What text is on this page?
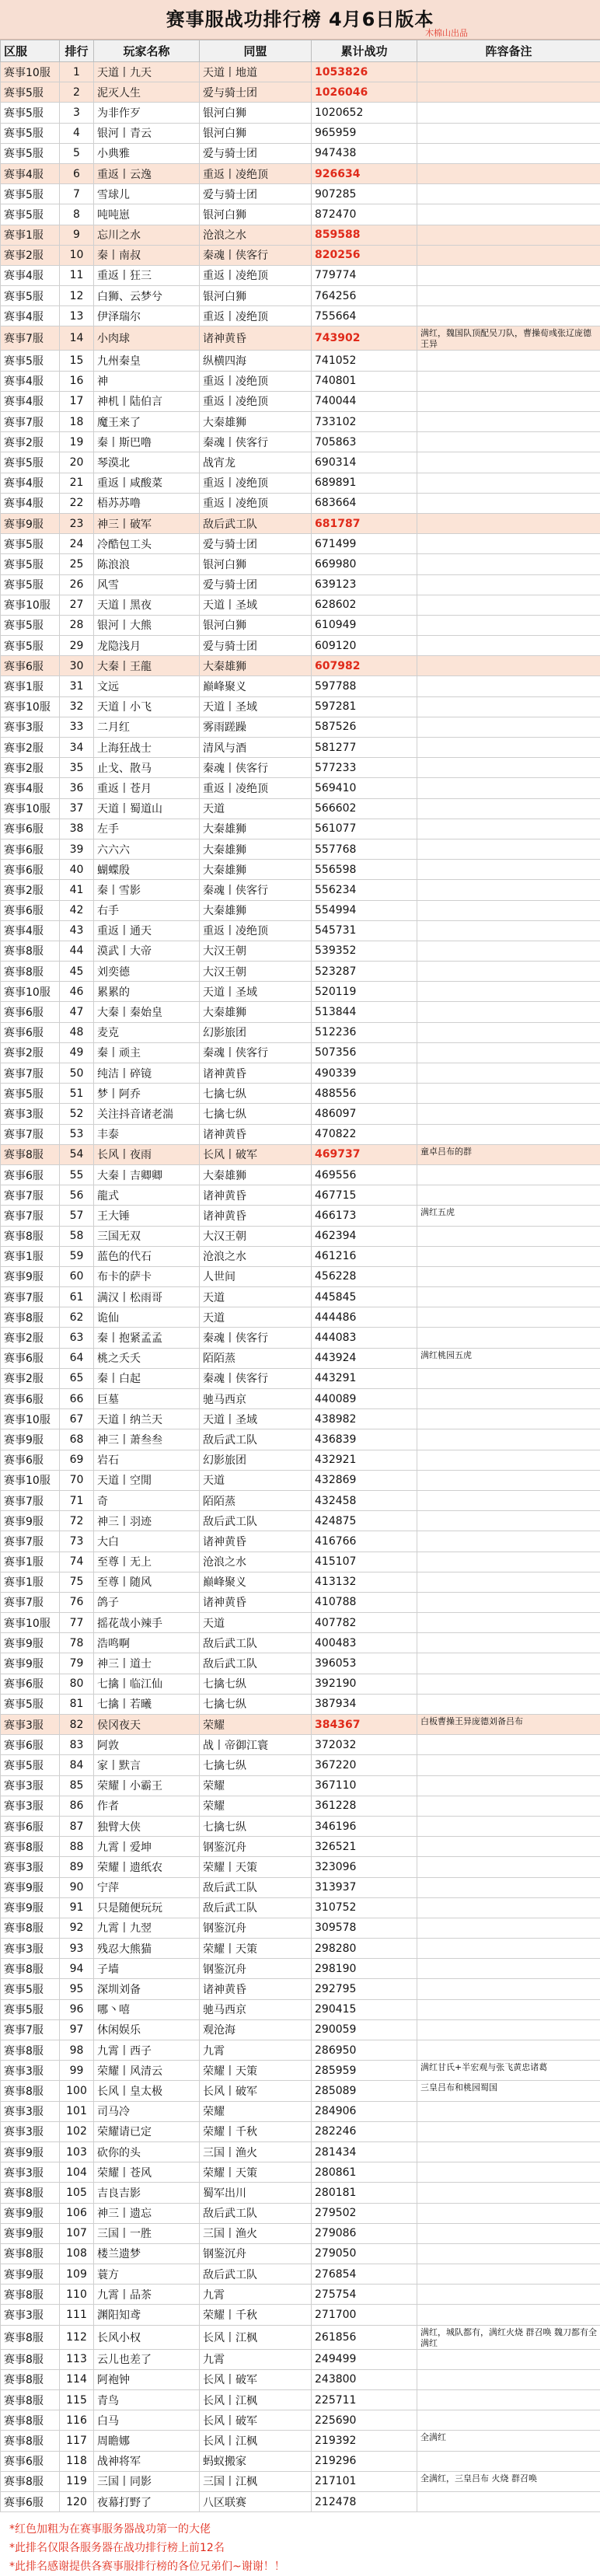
赛事服战功排行榜 4月6日版本
木棉山出品
区服	排行	玩家名称	同盟	累计战功	阵容备注
赛事10服	1	天道丨九天	天道丨地道	1053826	
赛事5服	2	泥灭人生	爱与骑士团	1026046	
赛事5服	3	为非作歹	银河白狮	1020652	
赛事5服	4	银河丨青云	银河白狮	965959	
赛事5服	5	小典雅	爱与骑士团	947438	
赛事4服	6	重返丨云逸	重返丨凌绝顶	926634	
赛事5服	7	雪球儿	爱与骑士团	907285	
赛事5服	8	吨吨崽	银河白狮	872470	
赛事1服	9	忘川之水	沧浪之水	859588	
赛事2服	10	秦丨南叔	秦魂丨侠客行	820256	
赛事4服	11	重返丨狂三	重返丨凌绝顶	779774	
赛事5服	12	白狮、云梦兮	银河白狮	764256	
赛事4服	13	伊泽瑞尔	重返丨凌绝顶	755664	
赛事7服	14	小肉球	诸神黄昏	743902	满红，魏国队顶配吴刀队，曹操荀彧张辽庞德王异
赛事5服	15	九州秦皇	纵横四海	741052	
赛事4服	16	神	重返丨凌绝顶	740801	
赛事4服	17	神机丨陆伯言	重返丨凌绝顶	740044	
赛事7服	18	魔王来了	大秦雄狮	733102	
赛事2服	19	秦丨斯巴噜	秦魂丨侠客行	705863	
赛事5服	20	琴漠北	战宵龙	690314	
赛事4服	21	重返丨咸酸菜	重返丨凌绝顶	689891	
赛事4服	22	梧苏苏噜	重返丨凌绝顶	683664	
赛事9服	23	神三丨破军	敌后武工队	681787	
赛事5服	24	冷酷包工头	爱与骑士团	671499	
赛事5服	25	陈浪浪	银河白狮	669980	
赛事5服	26	风雪	爱与骑士团	639123	
赛事10服	27	天道丨黑夜	天道丨圣域	628602	
赛事5服	28	银河丨大熊	银河白狮	610949	
赛事5服	29	龙隐浅月	爱与骑士团	609120	
赛事6服	30	大秦丨王龍	大秦雄狮	607982	
赛事1服	31	文远	巅峰聚义	597788	
赛事10服	32	天道丨小飞	天道丨圣域	597281	
赛事3服	33	二月红	雾雨蹉躁	587526	
赛事2服	34	上海狂战士	清风与酒	581277	
赛事2服	35	止戈、散马	秦魂丨侠客行	577233	
赛事4服	36	重返丨苍月	重返丨凌绝顶	569410	
赛事10服	37	天道丨蜀道山	天道	566602	
赛事6服	38	左手	大秦雄狮	561077	
赛事6服	39	六六六	大秦雄狮	557768	
赛事6服	40	蝴蝶殷	大秦雄狮	556598	
赛事2服	41	秦丨雪影	秦魂丨侠客行	556234	
赛事6服	42	右手	大秦雄狮	554994	
赛事4服	43	重返丨通天	重返丨凌绝顶	545731	
赛事8服	44	漠武丨大帝	大汉王朝	539352	
赛事8服	45	刘奕德	大汉王朝	523287	
赛事10服	46	累累的	天道丨圣域	520119	
赛事6服	47	大秦丨秦始皇	大秦雄狮	513844	
赛事6服	48	麦克	幻影旅团	512236	
赛事2服	49	秦丨顽主	秦魂丨侠客行	507356	
赛事7服	50	纯洁丨碎镜	诸神黄昏	490339	
赛事5服	51	梦丨阿乔	七擒七纵	488556	
赛事3服	52	关注抖音诸老湍	七擒七纵	486097	
赛事7服	53	丰泰	诸神黄昏	470822	
赛事8服	54	长风丨夜雨	长风丨破军	469737	童卓吕布的群
赛事6服	55	大秦丨吉卿卿	大秦雄狮	469556	
赛事7服	56	龍式	诸神黄昏	467715	
赛事7服	57	王大锤	诸神黄昏	466173	满红五虎
赛事8服	58	三国无双	大汉王朝	462394	
赛事1服	59	蓝色的代石	沧浪之水	461216	
赛事9服	60	布卡的萨卡	人世间	456228	
赛事7服	61	满汉丨松雨哥	天道	445845	
赛事8服	62	诡仙	天道	444486	
赛事2服	63	秦丨抱紧孟孟	秦魂丨侠客行	444083	
赛事6服	64	桃之夭夭	陌陌蒸	443924	满红桃园五虎
赛事2服	65	秦丨白起	秦魂丨侠客行	443291	
赛事6服	66	巨墓	驰马西京	440089	
赛事10服	67	天道丨纳兰天	天道丨圣域	438982	
赛事9服	68	神三丨萧叁叁	敌后武工队	436839	
赛事6服	69	岩石	幻影旅团	432921	
赛事10服	70	天道丨空閒	天道	432869	
赛事7服	71	奇	陌陌蒸	432458	
赛事9服	72	神三丨羽迹	敌后武工队	424875	
赛事7服	73	大白	诸神黄昏	416766	
赛事1服	74	至尊丨无上	沧浪之水	415107	
赛事1服	75	至尊丨随风	巅峰聚义	413132	
赛事7服	76	鸽子	诸神黄昏	410788	
赛事10服	77	摇花哉小辣手	天道	407782	
赛事9服	78	浩鸣啊	敌后武工队	400483	
赛事9服	79	神三丨道士	敌后武工队	396053	
赛事6服	80	七擒丨临江仙	七擒七纵	392190	
赛事5服	81	七擒丨若曦	七擒七纵	387934	
赛事3服	82	侯冈夜天	荣耀	384367	白板曹操王异庞德刘备吕布
赛事6服	83	阿敦	战丨帝御江寰	372032	
赛事5服	84	家丨默言	七擒七纵	367220	
赛事3服	85	荣耀丨小霸王	荣耀	367110	
赛事3服	86	作者	荣耀	361228	
赛事6服	87	独臂大侠	七擒七纵	346196	
赛事8服	88	九霄丨爱坤	钢鉴沉舟	326521	
赛事3服	89	荣耀丨遗纸农	荣耀丨天策	323096	
赛事9服	90	宁萍	敌后武工队	313937	
赛事9服	91	只是随便玩玩	敌后武工队	310752	
赛事8服	92	九霄丨九翌	钢鉴沉舟	309578	
赛事3服	93	残忍大熊猫	荣耀丨天策	298280	
赛事8服	94	子墙	钢鉴沉舟	298190	
赛事5服	95	深圳刘备	诸神黄昏	292795	
赛事5服	96	哪丶嘻	驰马西京	290415	
赛事7服	97	休闲娱乐	观沧海	290059	
赛事8服	98	九霄丨西子	九霄	286950	
赛事3服	99	荣耀丨风清云	荣耀丨天策	285959	满红甘氏+半宏观与张飞黄忠诸葛
赛事8服	100	长风丨皇太极	长风丨破军	285089	三皇吕布和桃园蜀国
赛事3服	101	司马冷	荣耀	284906	
赛事3服	102	荣耀请已定	荣耀丨千秋	282246	
赛事9服	103	砍你的头	三国丨渔火	281434	
赛事3服	104	荣耀丨苍风	荣耀丨天策	280861	
赛事8服	105	吉良吉影	蜀军出川	280181	
赛事9服	106	神三丨遗忘	敌后武工队	279502	
赛事9服	107	三国丨一胜	三国丨渔火	279086	
赛事8服	108	楼兰遗梦	钢鉴沉舟	279050	
赛事9服	109	蓑方	敌后武工队	276854	
赛事8服	110	九霄丨品茶	九霄	275754	
赛事3服	111	渊阳知鸢	荣耀丨千秋	271700	
赛事8服	112	长风小权	长风丨江枫	261856	满红，城队都有，满红火烧 群召唤 魏刀都有全满红
赛事8服	113	云儿也差了	九霄	249499	
赛事8服	114	阿袍钟	长风丨破军	243800	
赛事8服	115	青鸟	长风丨江枫	225711	
赛事8服	116	白马	长风丨破军	225690	
赛事8服	117	周瞻娜	长风丨江枫	219392	全满红
赛事6服	118	战神将军	蚂蚁搬家	219296	
赛事8服	119	三国丨同影	三国丨江枫	217101	全满红，三皇吕布 火烧 群召唤
赛事6服	120	夜幕打野了	八区联赛	212478	
*红色加粗为在赛事服务器战功第一的大佬
*此排名仅限各服务器在战功排行榜上前12名
*此排名感谢提供各赛事服排行榜的各位兄弟们~谢谢！！
